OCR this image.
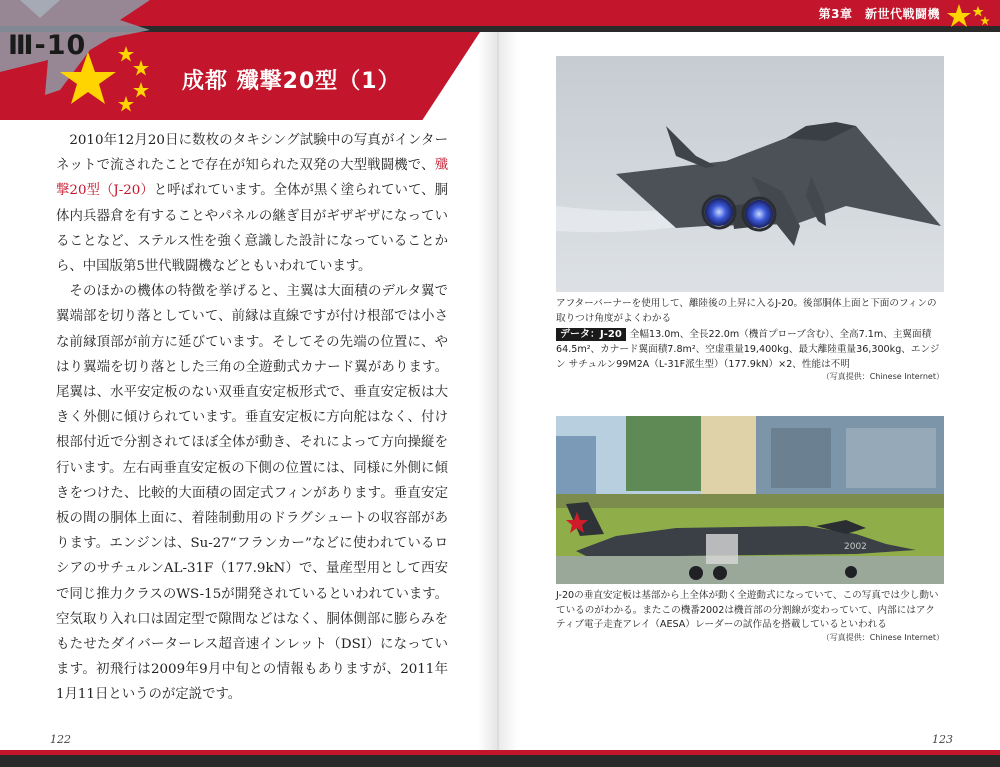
第3章　新世代戦闘機
Ⅲ-10
成都 殲撃20型（1）

2010年12月20日に数枚のタキシング試験中の写真がインターネットで流されたことで存在が知られた双発の大型戦闘機で、殲撃20型（J-20）と呼ばれています。全体が黒く塗られていて、胴体内兵器倉を有することやパネルの継ぎ目がギザギザになっていることなど、ステルス性を強く意識した設計になっていることから、中国版第5世代戦闘機などともいわれています。

そのほかの機体の特徴を挙げると、主翼は大面積のデルタ翼で翼端部を切り落としていて、前縁は直線ですが付け根部では小さな前縁頂部が前方に延びています。そしてその先端の位置に、やはり翼端を切り落とした三角の全遊動式カナード翼があります。尾翼は、水平安定板のない双垂直安定板形式で、垂直安定板は大きく外側に傾けられています。垂直安定板に方向舵はなく、付け根部付近で分割されてほぼ全体が動き、それによって方向操縦を行います。左右両垂直安定板の下側の位置には、同様に外側に傾きをつけた、比較的大面積の固定式フィンがあります。垂直安定板の間の胴体上面に、着陸制動用のドラグシュートの収容部があります。エンジンは、Su-27“フランカー”などに使われているロシアのサチュルンAL-31F（177.9kN）で、量産型用として西安で同じ推力クラスのWS-15が開発されているといわれています。空気取り入れ口は固定型で隙間などはなく、胴体側部に膨らみをもたせたダイバーターレス超音速インレット（DSI）になっています。初飛行は2009年9月中旬との情報もありますが、2011年1月11日というのが定説です。

アフターバーナーを使用して、離陸後の上昇に入るJ-20。後部胴体上面と下面のフィンの取りつけ角度がよくわかる
データ：J-20 全幅13.0m、全長22.0m（機首プローブ含む）、全高7.1m、主翼面積64.5m²、カナード翼面積7.8m²、空虚重量19,400kg、最大離陸重量36,300kg、エンジン サチュルン99M2A（L-31F派生型）（177.9kN）×2、性能は不明
（写真提供：Chinese Internet）
2002
J-20の垂直安定板は基部から上全体が動く全遊動式になっていて、この写真では少し動いているのがわかる。またこの機番2002は機首部の分割線が変わっていて、内部にはアクティブ電子走査アレイ（AESA）レーダーの試作品を搭載しているといわれる
（写真提供：Chinese Internet）
122	123
